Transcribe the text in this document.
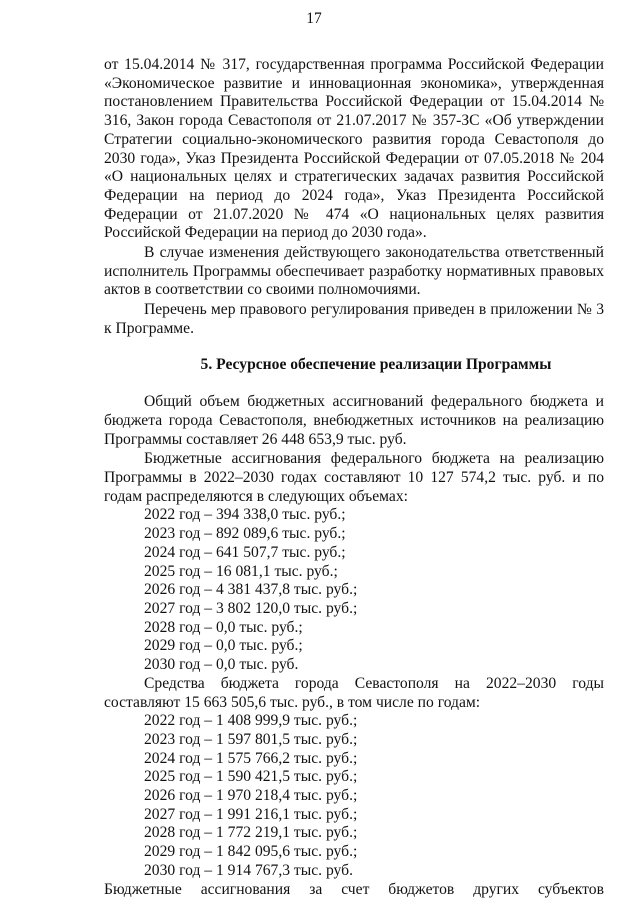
17

от 15.04.2014 № 317, государственная программа Российской Федерации «Экономическое развитие и инновационная экономика», утвержденная постановлением Правительства Российской Федерации от 15.04.2014 № 316, Закон города Севастополя от 21.07.2017 № 357-ЗС «Об утверждении Стратегии социально-экономического развития города Севастополя до 2030 года», Указ Президента Российской Федерации от 07.05.2018 № 204 «О национальных целях и стратегических задачах развития Российской Федерации на период до 2024 года», Указ Президента Российской Федерации от 21.07.2020 № 474 «О национальных целях развития Российской Федерации на период до 2030 года».

В случае изменения действующего законодательства ответственный исполнитель Программы обеспечивает разработку нормативных правовых актов в соответствии со своими полномочиями.

Перечень мер правового регулирования приведен в приложении № 3 к Программе.

5. Ресурсное обеспечение реализации Программы

Общий объем бюджетных ассигнований федерального бюджета и бюджета города Севастополя, внебюджетных источников на реализацию Программы составляет 26 448 653,9 тыс. руб.

Бюджетные ассигнования федерального бюджета на реализацию Программы в 2022–2030 годах составляют 10 127 574,2 тыс. руб. и по годам распределяются в следующих объемах:

2022 год – 394 338,0 тыс. руб.;
2023 год – 892 089,6 тыс. руб.;
2024 год – 641 507,7 тыс. руб.;
2025 год – 16 081,1 тыс. руб.;
2026 год – 4 381 437,8 тыс. руб.;
2027 год – 3 802 120,0 тыс. руб.;
2028 год – 0,0 тыс. руб.;
2029 год – 0,0 тыс. руб.;
2030 год – 0,0 тыс. руб.

Средства бюджета города Севастополя на 2022–2030 годы составляют 15 663 505,6 тыс. руб., в том числе по годам:

2022 год – 1 408 999,9 тыс. руб.;
2023 год – 1 597 801,5 тыс. руб.;
2024 год – 1 575 766,2 тыс. руб.;
2025 год – 1 590 421,5 тыс. руб.;
2026 год – 1 970 218,4 тыс. руб.;
2027 год – 1 991 216,1 тыс. руб.;
2028 год – 1 772 219,1 тыс. руб.;
2029 год – 1 842 095,6 тыс. руб.;
2030 год – 1 914 767,3 тыс. руб.

Бюджетные ассигнования за счет бюджетов других субъектов
